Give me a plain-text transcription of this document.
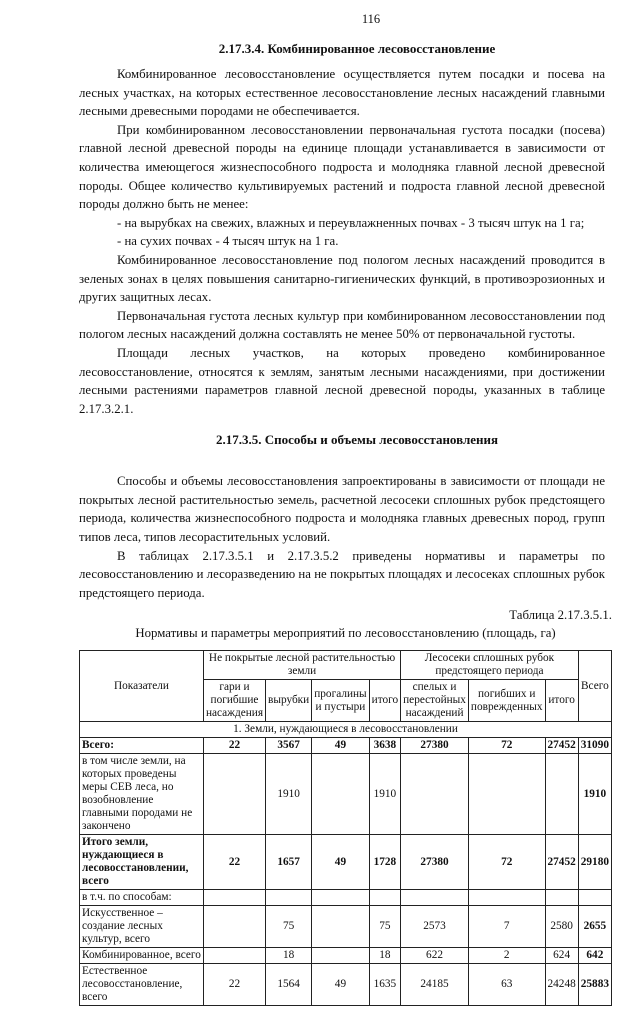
116
2.17.3.4. Комбинированное лесовосстановление

Комбинированное лесовосстановление осуществляется путем посадки и посева на лесных участках, на которых естественное лесовосстановление лесных насаждений главными лесными древесными породами не обеспечивается.

При комбинированном лесовосстановлении первоначальная густота посадки (посева) главной лесной древесной породы на единице площади устанавливается в зависимости от количества имеющегося жизнеспособного подроста и молодняка главной лесной древесной породы. Общее количество культивируемых растений и подроста главной лесной древесной породы должно быть не менее:

- на вырубках на свежих, влажных и переувлажненных почвах - 3 тысяч штук на 1 га;

- на сухих почвах - 4 тысяч штук на 1 га.

Комбинированное лесовосстановление под пологом лесных насаждений проводится в зеленых зонах в целях повышения санитарно-гигиенических функций, в противоэрозионных и других защитных лесах.

Первоначальная густота лесных культур при комбинированном лесовосстановлении под пологом лесных насаждений должна составлять не менее 50% от первоначальной густоты.

Площади лесных участков, на которых проведено комбинированное лесовосстановление, относятся к землям, занятым лесными насаждениями, при достижении лесными растениями параметров главной лесной древесной породы, указанных в таблице 2.17.3.2.1.

2.17.3.5. Способы и объемы лесовосстановления

Способы и объемы лесовосстановления запроектированы в зависимости от площади не покрытых лесной растительностью земель, расчетной лесосеки сплошных рубок предстоящего периода, количества жизнеспособного подроста и молодняка главных древесных пород, групп типов леса, типов лесорастительных условий.

В таблицах 2.17.3.5.1 и 2.17.3.5.2 приведены нормативы и параметры по лесовосстановлению и лесоразведению на не покрытых площадях и лесосеках сплошных рубок предстоящего периода.

Таблица 2.17.3.5.1.
Нормативы и параметры мероприятий по лесовосстановлению (площадь, га)
Показатели	Не покрытые лесной растительностью земли				Лесосеки сплошных рубок предстоящего периода			Всего
	гари и погибшие насаждения	вырубки	прогалины и пустыри	итого	спелых и перестойных насаждений	погибших и поврежденных	итого	
1. Земли, нуждающиеся в лесовосстановлении								
Всего:	22	3567	49	3638	27380	72	27452	31090
в том числе земли, на которых проведены меры СЕВ леса, но возобновление главными породами не закончено		1910		1910				1910
Итого земли, нуждающиеся в лесовосстановлении, всего	22	1657	49	1728	27380	72	27452	29180
в т.ч. по способам:								
Искусственное – создание лесных культур, всего		75		75	2573	7	2580	2655
Комбинированное, всего		18		18	622	2	624	642
Естественное лесовосстановление, всего	22	1564	49	1635	24185	63	24248	25883
